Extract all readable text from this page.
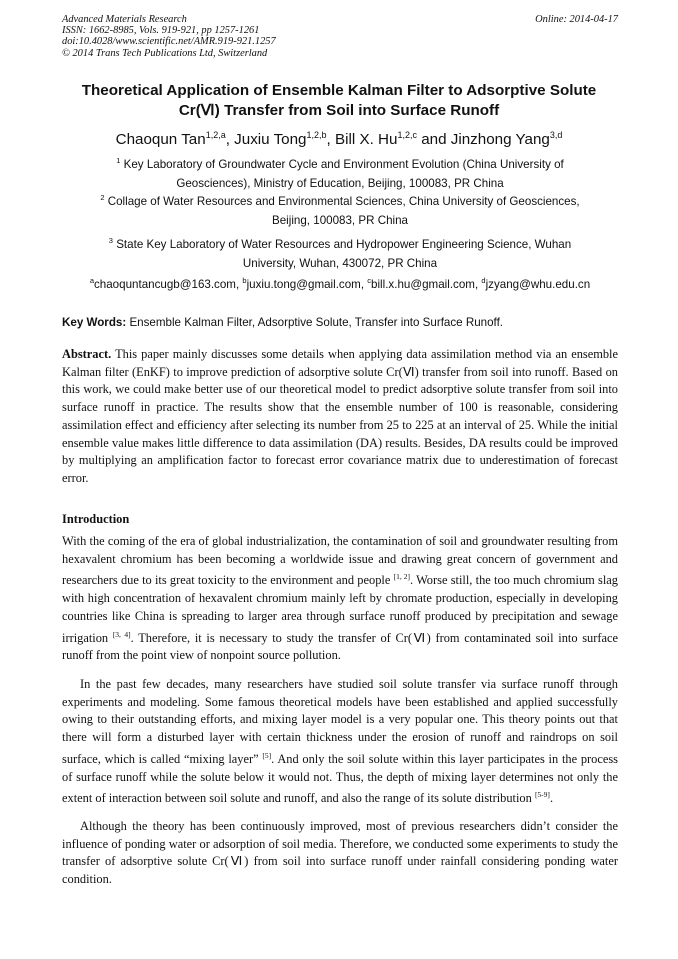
Advanced Materials Research
ISSN: 1662-8985, Vols. 919-921, pp 1257-1261
doi:10.4028/www.scientific.net/AMR.919-921.1257
© 2014 Trans Tech Publications Ltd, Switzerland
Online: 2014-04-17
Theoretical Application of Ensemble Kalman Filter to Adsorptive Solute
Cr(Ⅵ) Transfer from Soil into Surface Runoff
Chaoqun Tan$^{1,2,a}$, Juxiu Tong$^{1,2,b}$, Bill X. Hu$^{1,2,c}$ and Jinzhong Yang$^{3,d}$
$^1$ Key Laboratory of Groundwater Cycle and Environment Evolution (China University of
Geosciences), Ministry of Education, Beijing, 100083, PR China
$^2$ Collage of Water Resources and Environmental Sciences, China University of Geosciences,
Beijing, 100083, PR China
$^3$ State Key Laboratory of Water Resources and Hydropower Engineering Science, Wuhan
University, Wuhan, 430072, PR China
$^a$chaoquntancugb@163.com, $^b$juxiu.tong@gmail.com, $^c$bill.x.hu@gmail.com, $^d$jzyang@whu.edu.cn
Key Words: Ensemble Kalman Filter, Adsorptive Solute, Transfer into Surface Runoff.
Abstract. This paper mainly discusses some details when applying data assimilation method via an ensemble Kalman filter (EnKF) to improve prediction of adsorptive solute Cr(Ⅵ) transfer from soil into runoff. Based on this work, we could make better use of our theoretical model to predict adsorptive solute transfer from soil into surface runoff in practice. The results show that the ensemble number of 100 is reasonable, considering assimilation effect and efficiency after selecting its number from 25 to 225 at an interval of 25. While the initial ensemble value makes little difference to data assimilation (DA) results. Besides, DA results could be improved by multiplying an amplification factor to forecast error covariance matrix due to underestimation of forecast error.
Introduction
With the coming of the era of global industrialization, the contamination of soil and groundwater resulting from hexavalent chromium has been becoming a worldwide issue and drawing great concern of government and researchers due to its great toxicity to the environment and people [1, 2]. Worse still, the too much chromium slag with high concentration of hexavalent chromium mainly left by chromate production, especially in developing countries like China is spreading to larger area through surface runoff produced by precipitation and sewage irrigation [3, 4]. Therefore, it is necessary to study the transfer of Cr(Ⅵ) from contaminated soil into surface runoff from the point view of nonpoint source pollution.
In the past few decades, many researchers have studied soil solute transfer via surface runoff through experiments and modeling. Some famous theoretical models have been established and applied successfully owing to their outstanding efforts, and mixing layer model is a very popular one. This theory points out that there will form a disturbed layer with certain thickness under the erosion of runoff and raindrops on soil surface, which is called “mixing layer” [5]. And only the soil solute within this layer participates in the process of surface runoff while the solute below it would not. Thus, the depth of mixing layer determines not only the extent of interaction between soil solute and runoff, and also the range of its solute distribution [5-9].
Although the theory has been continuously improved, most of previous researchers didn’t consider the influence of ponding water or adsorption of soil media. Therefore, we conducted some experiments to study the transfer of adsorptive solute Cr(Ⅵ) from soil into surface runoff under rainfall considering ponding water condition.
